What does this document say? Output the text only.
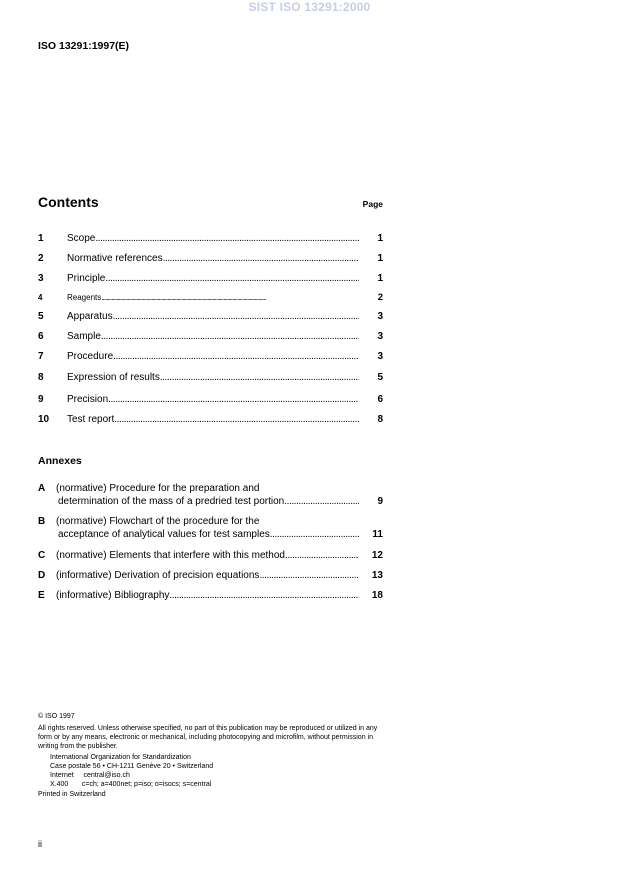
SIST ISO 13291:2000
ISO 13291:1997(E)
Contents	Page
1	Scope . . .	1
2	Normative references . . .	1
3	Principle . . .	1
4	Reagents . . .	2
5	Apparatus . . .	3
6	Sample . . .	3
7	Procedure . . .	3
8	Expression of results . . .	5
9	Precision . . .	6
10	Test report . . .	8
Annexes
A	(normative) Procedure for the preparation and
determination of the mass of a predried test portion . . .	9
B	(normative) Flowchart of the procedure for the
acceptance of analytical values for test samples . . .	11
C	(normative) Elements that interfere with this method . . .	12
D	(informative) Derivation of precision equations . . .	13
E	(informative) Bibliography . . .	18
© ISO 1997
All rights reserved. Unless otherwise specified, no part of this publication may be reproduced or utilized in any form or by any means, electronic or mechanical, including photocopying and microfilm, without permission in writing from the publisher.
International Organization for Standardization
Case postale 56 • CH-1211 Genève 20 • Switzerland
Internet     central@iso.ch
X.400       c=ch; a=400net; p=iso; o=isocs; s=central
Printed in Switzerland
ii
